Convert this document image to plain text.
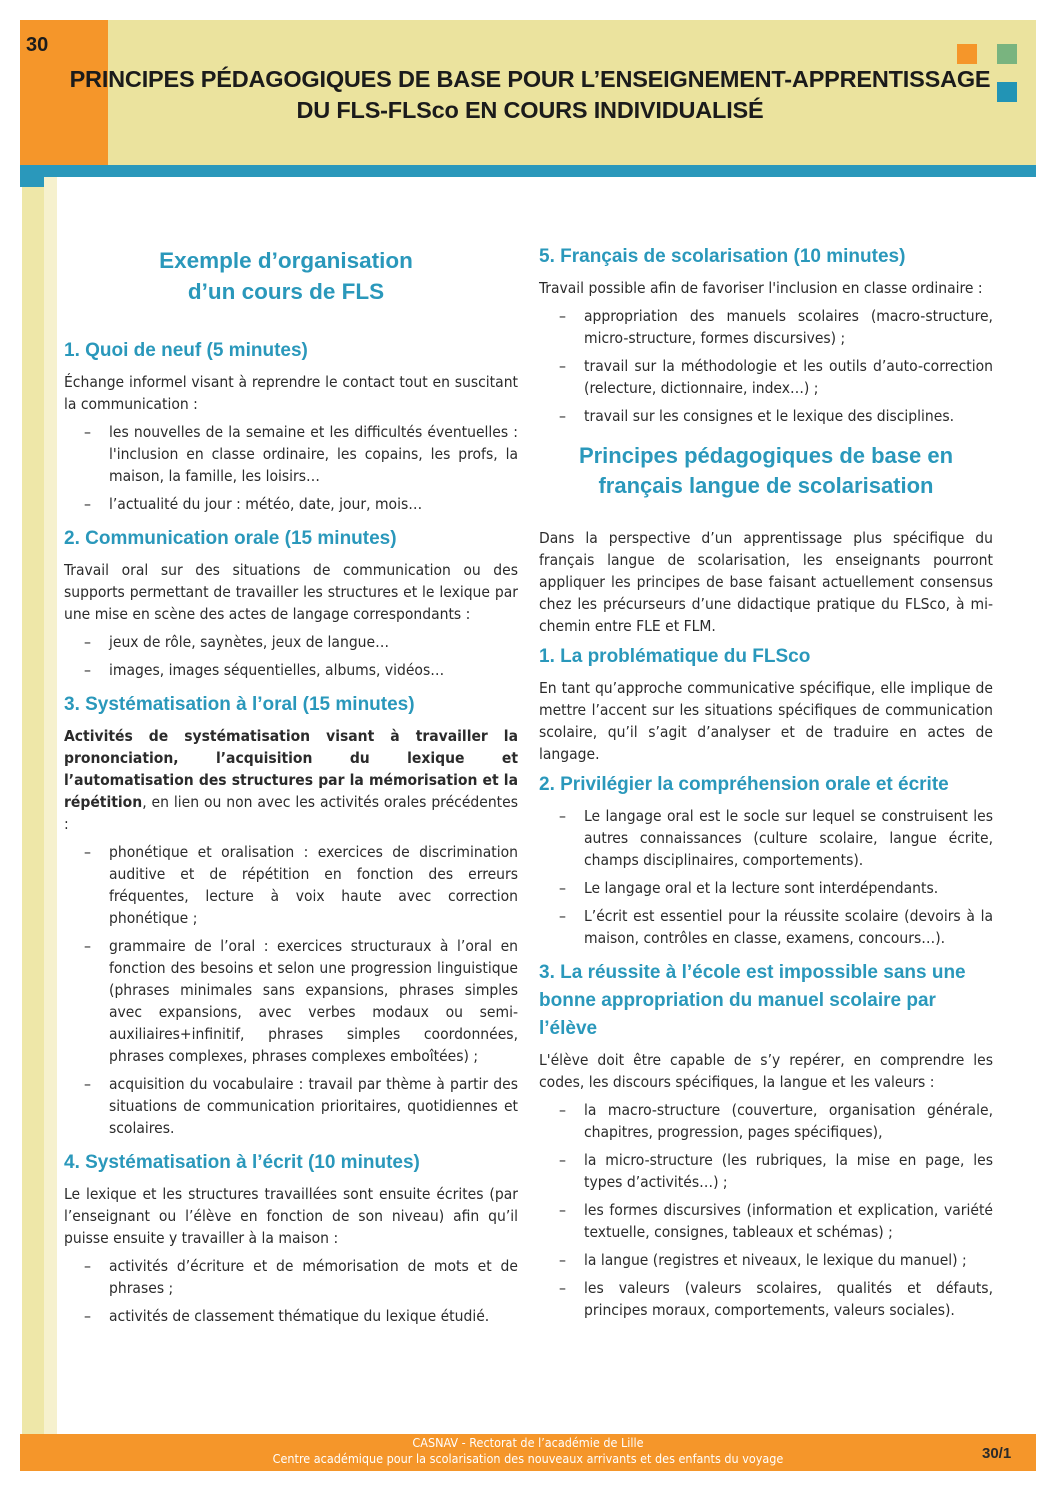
30
PRINCIPES PÉDAGOGIQUES DE BASE POUR L’ENSEIGNEMENT-APPRENTISSAGE
DU FLS-FLSco EN COURS INDIVIDUALISÉ
Exemple d’organisation
d’un cours de FLS
1. Quoi de neuf (5 minutes)

Échange informel visant à reprendre le contact tout en suscitant la communication :

– les nouvelles de la semaine et les difficultés éventuelles : l'inclusion en classe ordinaire, les copains, les profs, la maison, la famille, les loisirs…
– l’actualité du jour : météo, date, jour, mois…
2. Communication orale (15 minutes)

Travail oral sur des situations de communication ou des supports permettant de travailler les structures et le lexique par une mise en scène des actes de langage correspondants :

– jeux de rôle, saynètes, jeux de langue…
– images, images séquentielles, albums, vidéos…
3. Systématisation à l’oral (15 minutes)

Activités de systématisation visant à travailler la prononciation, l’acquisition du lexique et l’automatisation des structures par la mémorisation et la répétition, en lien ou non avec les activités orales précédentes :

– phonétique et oralisation : exercices de discrimination auditive et de répétition en fonction des erreurs fréquentes, lecture à voix haute avec correction phonétique ;
– grammaire de l’oral : exercices structuraux à l’oral en fonction des besoins et selon une progression linguistique (phrases minimales sans expansions, phrases simples avec expansions, avec verbes modaux ou semi-auxiliaires+infinitif, phrases simples coordonnées, phrases complexes, phrases complexes emboîtées) ;
– acquisition du vocabulaire : travail par thème à partir des situations de communication prioritaires, quotidiennes et scolaires.
4. Systématisation à l’écrit (10 minutes)

Le lexique et les structures travaillées sont ensuite écrites (par l’enseignant ou l’élève en fonction de son niveau) afin qu’il puisse ensuite y travailler à la maison :

– activités d’écriture et de mémorisation de mots et de phrases ;
– activités de classement thématique du lexique étudié.
5. Français de scolarisation (10 minutes)

Travail possible afin de favoriser l'inclusion en classe ordinaire :

– appropriation des manuels scolaires (macro-structure, micro-structure, formes discursives) ;
– travail sur la méthodologie et les outils d’auto-correction (relecture, dictionnaire, index…) ;
– travail sur les consignes et le lexique des disciplines.
Principes pédagogiques de base en
français langue de scolarisation

Dans la perspective d’un apprentissage plus spécifique du français langue de scolarisation, les enseignants pourront appliquer les principes de base faisant actuellement consensus chez les précurseurs d’une didactique pratique du FLSco, à mi-chemin entre FLE et FLM.

1. La problématique du FLSco

En tant qu’approche communicative spécifique, elle implique de mettre l’accent sur les situations spécifiques de communication scolaire, qu’il s’agit d’analyser et de traduire en actes de langage.

2. Privilégier la compréhension orale et écrite
– Le langage oral est le socle sur lequel se construisent les autres connaissances (culture scolaire, langue écrite, champs disciplinaires, comportements).
– Le langage oral et la lecture sont interdépendants.
– L’écrit est essentiel pour la réussite scolaire (devoirs à la maison, contrôles en classe, examens, concours…).
3. La réussite à l’école est impossible sans une bonne appropriation du manuel scolaire par l’élève

L'élève doit être capable de s’y repérer, en comprendre les codes, les discours spécifiques, la langue et les valeurs :

– la macro-structure (couverture, organisation générale, chapitres, progression, pages spécifiques),
– la micro-structure (les rubriques, la mise en page, les types d’activités…) ;
– les formes discursives (information et explication, variété textuelle, consignes, tableaux et schémas) ;
– la langue (registres et niveaux, le lexique du manuel) ;
– les valeurs (valeurs scolaires, qualités et défauts, principes moraux, comportements, valeurs sociales).
CASNAV - Rectorat de l’académie de Lille
Centre académique pour la scolarisation des nouveaux arrivants et des enfants du voyage	30/1
